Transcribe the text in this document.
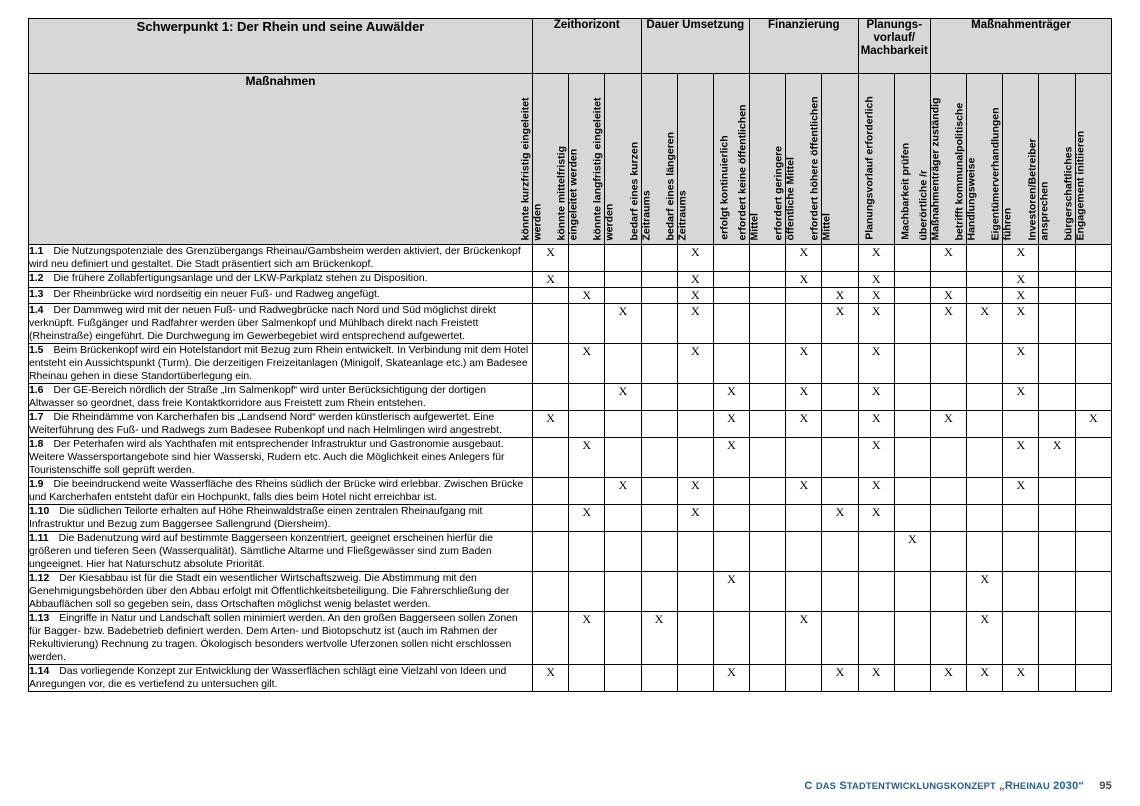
Schwerpunkt 1: Der Rhein und seine Auwälder	Zeithorizont			Dauer Umsetzung			Finanzierung			Planungs-
vorlauf/
Machbarkeit		Maßnahmenträger				
Maßnahmen	könnte kurzfristig eingeleitet werden	könnte mittelfristig eingeleitet werden	könnte langfristig eingeleitet werden	bedarf eines kurzen Zeitraums	bedarf eines längeren Zeitraums	erfolgt kontinuierlich	erfordert keine öffentlichen Mittel	erfordert geringere öffentliche Mittel	erfordert höhere öffentlichen Mittel	Planungsvorlauf erforderlich	Machbarkeit prüfen	überörtliche /r Maßnahmenträger zuständig	betrifft kommunalpolitische Handlungsweise	Eigentümerverhandlungen führen	Investoren/Betreiber ansprechen	bürgerschaftliches Engagement initiieren

1.1 Die Nutzungspotenziale des Grenzübergangs Rheinau/Gambsheim werden aktiviert, der Brückenkopf wird neu definiert und gestaltet. Die Stadt präsentiert sich am Brückenkopf.	X				X			X		X		X		X		
1.2 Die frühere Zollabfertigungsanlage und der LKW-Parkplatz stehen zu Disposition.	X				X			X		X				X		
1.3 Der Rheinbrücke wird nordseitig ein neuer Fuß- und Radweg angefügt.		X			X				X	X		X		X		
1.4 Der Dammweg wird mit der neuen Fuß- und Radwegbrücke nach Nord und Süd möglichst direkt verknüpft. Fußgänger und Radfahrer werden über Salmenkopf und Mühlbach direkt nach Freistett (Rheinstraße) eingeführt. Die Durchwegung im Gewerbegebiet wird entsprechend aufgewertet.			X		X				X	X		X	X	X		
1.5 Beim Brückenkopf wird ein Hotelstandort mit Bezug zum Rhein entwickelt. In Verbindung mit dem Hotel entsteht ein Aussichtspunkt (Turm). Die derzeitigen Freizeitanlagen (Minigolf, Skateanlage etc.) am Badesee Rheinau gehen in diese Standortüberlegung ein.		X			X			X		X				X		
1.6 Der GE-Bereich nördlich der Straße „Im Salmenkopf“ wird unter Berücksichtigung der dortigen Altwasser so geordnet, dass freie Kontaktkorridore aus Freistett zum Rhein entstehen.			X			X		X		X				X		
1.7 Die Rheindämme von Karcherhafen bis „Landsend Nord“ werden künstlerisch aufgewertet. Eine Weiterführung des Fuß- und Radwegs zum Badesee Rubenkopf und nach Helmlingen wird angestrebt.	X					X		X		X		X				X
1.8 Der Peterhafen wird als Yachthafen mit entsprechender Infrastruktur und Gastronomie ausgebaut. Weitere Wassersportangebote sind hier Wasserski, Rudern etc. Auch die Möglichkeit eines Anlegers für Touristenschiffe soll geprüft werden.		X				X				X				X	X	
1.9 Die beeindruckend weite Wasserfläche des Rheins südlich der Brücke wird erlebbar. Zwischen Brücke und Karcherhafen entsteht dafür ein Hochpunkt, falls dies beim Hotel nicht erreichbar ist.			X		X			X		X				X		
1.10 Die südlichen Teilorte erhalten auf Höhe Rheinwaldstraße einen zentralen Rheinaufgang mit Infrastruktur und Bezug zum Baggersee Sallengrund (Diersheim).		X			X				X	X						
1.11 Die Badenutzung wird auf bestimmte Baggerseen konzentriert, geeignet erscheinen hierfür die größeren und tieferen Seen (Wasserqualität). Sämtliche Altarme und Fließgewässer sind zum Baden ungeeignet. Hier hat Naturschutz absolute Priorität.											X					
1.12 Der Kiesabbau ist für die Stadt ein wesentlicher Wirtschaftszweig. Die Abstimmung mit den Genehmigungsbehörden über den Abbau erfolgt mit Öffentlichkeitsbeteiligung. Die Fahrerschließung der Abbauflächen soll so gegeben sein, dass Ortschaften möglichst wenig belastet werden.						X							X			
1.13 Eingriffe in Natur und Landschaft sollen minimiert werden. An den großen Baggerseen sollen Zonen für Bagger- bzw. Badebetrieb definiert werden. Dem Arten- und Biotopschutz ist (auch im Rahmen der Rekultivierung) Rechnung zu tragen. Ökologisch besonders wertvolle Uferzonen sollen nicht erschlossen werden.		X		X				X					X			
1.14 Das vorliegende Konzept zur Entwicklung der Wasserflächen schlägt eine Vielzahl von Ideen und Anregungen vor, die es vertiefend zu untersuchen gilt.	X					X			X	X		X	X	X		
C DAS STADTENTWICKLUNGSKONZEPT „RHEINAU 2030“ 95
